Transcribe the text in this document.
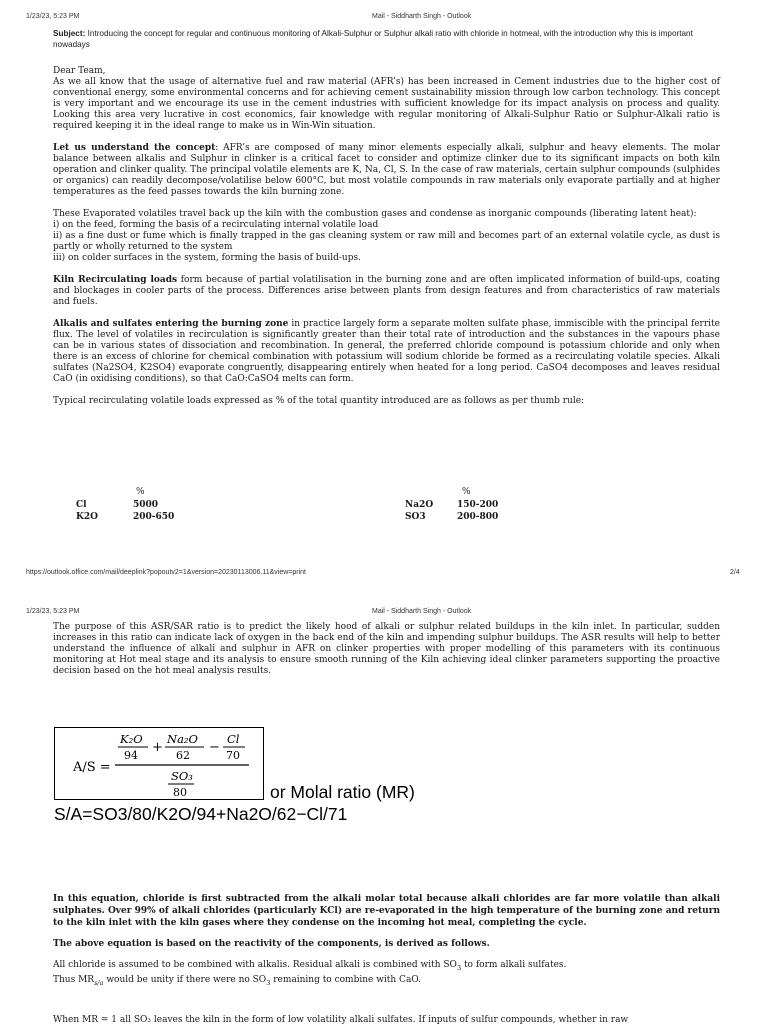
1/23/23, 5:23 PM	Mail - Siddharth Singh - Outlook
Subject: Introducing the concept for regular and continuous monitoring of Alkali-Sulphur or Sulphur alkali ratio with chloride in hotmeal, with the introduction why this is important nowadays

Dear Team,
As we all know that the usage of alternative fuel and raw material (AFR’s) has been increased in Cement industries due to the higher cost of conventional energy, some environmental concerns and for achieving cement sustainability mission through low carbon technology. This concept is very important and we encourage its use in the cement industries with sufficient knowledge for its impact analysis on process and quality. Looking this area very lucrative in cost economics, fair knowledge with regular monitoring of Alkali-Sulphur Ratio or Sulphur-Alkali ratio is required keeping it in the ideal range to make us in Win-Win situation.

Let us understand the concept: AFR’s are composed of many minor elements especially alkali, sulphur and heavy elements. The molar balance between alkalis and Sulphur in clinker is a critical facet to consider and optimize clinker due to its significant impacts on both kiln operation and clinker quality. The principal volatile elements are K, Na, Cl, S. In the case of raw materials, certain sulphur compounds (sulphides or organics) can readily decompose/volatilise below 600°C, but most volatile compounds in raw materials only evaporate partially and at higher temperatures as the feed passes towards the kiln burning zone.

These Evaporated volatiles travel back up the kiln with the combustion gases and condense as inorganic compounds (liberating latent heat):
i) on the feed, forming the basis of a recirculating internal volatile load
ii) as a fine dust or fume which is finally trapped in the gas cleaning system or raw mill and becomes part of an external volatile cycle, as dust is partly or wholly returned to the system
iii) on colder surfaces in the system, forming the basis of build-ups.

Kiln Recirculating loads form because of partial volatilisation in the burning zone and are often implicated information of build-ups, coating and blockages in cooler parts of the process. Differences arise between plants from design features and from characteristics of raw materials and fuels.

Alkalis and sulfates entering the burning zone in practice largely form a separate molten sulfate phase, immiscible with the principal ferrite flux. The level of volatiles in recirculation is significantly greater than their total rate of introduction and the substances in the vapours phase can be in various states of dissociation and recombination. In general, the preferred chloride compound is potassium chloride and only when there is an excess of chlorine for chemical combination with potassium will sodium chloride be formed as a recirculating volatile species. Alkali sulfates (Na2SO4, K2SO4) evaporate congruently, disappearing entirely when heated for a long period. CaSO4 decomposes and leaves residual CaO (in oxidising conditions), so that CaO:CaSO4 melts can form.

Typical recirculating volatile loads expressed as % of the total quantity introduced are as follows as per thumb rule:

%
Cl	5000
K2O	200-650
%
Na2O	150-200
SO3	200-800
https://outlook.office.com/mail/deeplink?popoutv2=1&version=20230113006.11&view=print	2/4
1/23/23, 5:23 PM	Mail - Siddharth Singh - Outlook
The purpose of this ASR/SAR ratio is to predict the likely hood of alkali or sulphur related buildups in the kiln inlet. In particular, sudden increases in this ratio can indicate lack of oxygen in the back end of the kiln and impending sulphur buildups. The ASR results will help to better understand the influence of alkali and sulphur in AFR on clinker properties with proper modelling of this parameters with its continuous monitoring at Hot meal stage and its analysis to ensure smooth running of the Kiln achieving ideal clinker parameters supporting the proactive decision based on the hot meal analysis results.
A/S =
K₂O
94
+
Na₂O
62
−
Cl
70
SO₃
80	or Molal ratio (MR)
S/A=SO3/80/K2O/94+Na2O/62−Cl/71

In this equation, chloride is first subtracted from the alkali molar total because alkali chlorides are far more volatile than alkali sulphates. Over 99% of alkali chlorides (particularly KCl) are re-evaporated in the high temperature of the burning zone and return to the kiln inlet with the kiln gases where they condense on the incoming hot meal, completing the cycle.

The above equation is based on the reactivity of the components, is derived as follows.

All chloride is assumed to be combined with alkalis. Residual alkali is combined with $SO_3$ to form alkali sulfates.
Thus $MR_{s/a}$ would be unity if there were no $SO_3$ remaining to combine with CaO.

When MR = 1 all SO₃ leaves the kiln in the form of low volatility alkali sulfates. If inputs of sulfur compounds, whether in raw
